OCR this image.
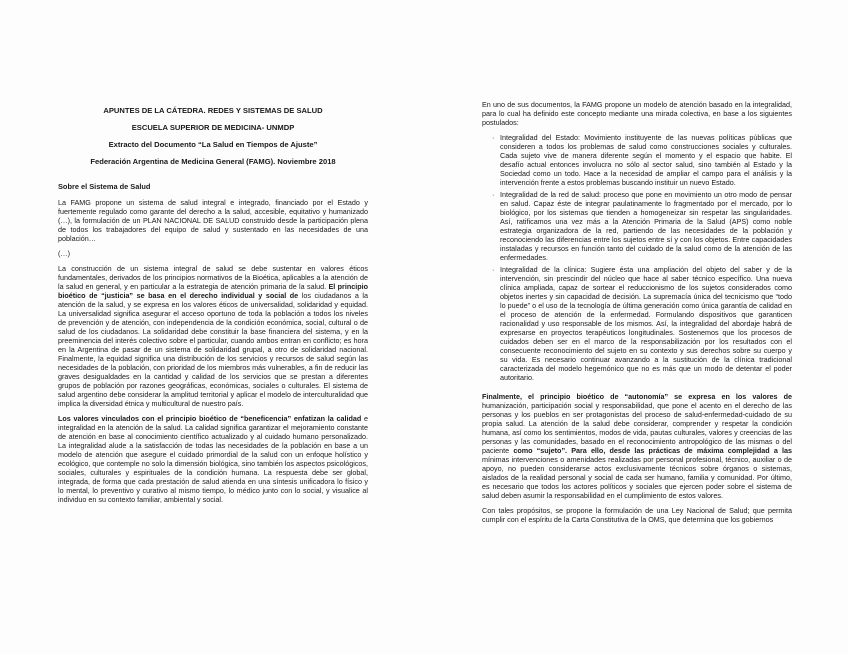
APUNTES DE LA CÁTEDRA. REDES Y SISTEMAS DE SALUD
ESCUELA SUPERIOR DE MEDICINA- UNMDP
Extracto del Documento “La Salud en Tiempos de Ajuste”
Federación Argentina de Medicina General (FAMG). Noviembre 2018
Sobre el Sistema de Salud

La FAMG propone un sistema de salud integral e integrado, financiado por el Estado y fuertemente regulado como garante del derecho a la salud, accesible, equitativo y humanizado (…), la formulación de un PLAN NACIONAL DE SALUD construido desde la participación plena de todos los trabajadores del equipo de salud y sustentado en las necesidades de una población…

(…)

La construcción de un sistema integral de salud se debe sustentar en valores éticos fundamentales, derivados de los principios normativos de la Bioética, aplicables a la atención de la salud en general, y en particular a la estrategia de atención primaria de la salud. El principio bioético de “justicia” se basa en el derecho individual y social de los ciudadanos a la atención de la salud, y se expresa en los valores éticos de universalidad, solidaridad y equidad. La universalidad significa asegurar el acceso oportuno de toda la población a todos los niveles de prevención y de atención, con independencia de la condición económica, social, cultural o de salud de los ciudadanos. La solidaridad debe constituir la base financiera del sistema, y en la preeminencia del interés colectivo sobre el particular, cuando ambos entran en conflicto; es hora en la Argentina de pasar de un sistema de solidaridad grupal, a otro de solidaridad nacional. Finalmente, la equidad significa una distribución de los servicios y recursos de salud según las necesidades de la población, con prioridad de los miembros más vulnerables, a fin de reducir las graves desigualdades en la cantidad y calidad de los servicios que se prestan a diferentes grupos de población por razones geográficas, económicas, sociales o culturales. El sistema de salud argentino debe considerar la amplitud territorial y aplicar el modelo de interculturalidad que implica la diversidad étnica y multicultural de nuestro país.

Los valores vinculados con el principio bioético de “beneficencia” enfatizan la calidad e integralidad en la atención de la salud. La calidad significa garantizar el mejoramiento constante de atención en base al conocimiento científico actualizado y al cuidado humano personalizado. La integralidad alude a la satisfacción de todas las necesidades de la población en base a un modelo de atención que asegure el cuidado primordial de la salud con un enfoque holístico y ecológico, que contemple no solo la dimensión biológica, sino también los aspectos psicológicos, sociales, culturales y espirituales de la condición humana. La respuesta debe ser global, integrada, de forma que cada prestación de salud atienda en una síntesis unificadora lo físico y lo mental, lo preventivo y curativo al mismo tiempo, lo médico junto con lo social, y visualice al individuo en su contexto familiar, ambiental y social.

En uno de sus documentos, la FAMG propone un modelo de atención basado en la integralidad, para lo cual ha definido este concepto mediante una mirada colectiva, en base a los siguientes postulados:

· Integralidad del Estado: Movimiento instituyente de las nuevas políticas públicas que consideren a todos los problemas de salud como construcciones sociales y culturales. Cada sujeto vive de manera diferente según el momento y el espacio que habite. El desafío actual entonces involucra no sólo al sector salud, sino también al Estado y la Sociedad como un todo. Hace a la necesidad de ampliar el campo para el análisis y la intervención frente a estos problemas buscando instituir un nuevo Estado.
· Integralidad de la red de salud: proceso que pone en movimiento un otro modo de pensar en salud. Capaz éste de integrar paulatinamente lo fragmentado por el mercado, por lo biológico, por los sistemas que tienden a homogeneizar sin respetar las singularidades. Así, ratificamos una vez más a la Atención Primaria de la Salud (APS) como noble estrategia organizadora de la red, partiendo de las necesidades de la población y reconociendo las diferencias entre los sujetos entre sí y con los objetos. Entre capacidades instaladas y recursos en función tanto del cuidado de la salud como de la atención de las enfermedades.
· Integralidad de la clínica: Sugiere ésta una ampliación del objeto del saber y de la intervención, sin prescindir del núcleo que hace al saber técnico específico. Una nueva clínica ampliada, capaz de sortear el reduccionismo de los sujetos considerados como objetos inertes y sin capacidad de decisión. La supremacía única del tecnicismo que “todo lo puede” o el uso de la tecnología de última generación como única garantía de calidad en el proceso de atención de la enfermedad. Formulando dispositivos que garanticen racionalidad y uso responsable de los mismos. Así, la integralidad del abordaje habrá de expresarse en proyectos terapéuticos longitudinales. Sostenemos que los procesos de cuidados deben ser en el marco de la responsabilización por los resultados con el consecuente reconocimiento del sujeto en su contexto y sus derechos sobre su cuerpo y su vida. Es necesario continuar avanzando a la sustitución de la clínica tradicional caracterizada del modelo hegemónico que no es más que un modo de detentar el poder autoritario.

Finalmente, el principio bioético de “autonomía” se expresa en los valores de humanización, participación social y responsabilidad, que pone el acento en el derecho de las personas y los pueblos en ser protagonistas del proceso de salud-enfermedad-cuidado de su propia salud. La atención de la salud debe considerar, comprender y respetar la condición humana, así como los sentimientos, modos de vida, pautas culturales, valores y creencias de las personas y las comunidades, basado en el reconocimiento antropológico de las mismas o del paciente como “sujeto”. Para ello, desde las prácticas de máxima complejidad a las mínimas intervenciones o amenidades realizadas por personal profesional, técnico, auxiliar o de apoyo, no pueden considerarse actos exclusivamente técnicos sobre órganos o sistemas, aislados de la realidad personal y social de cada ser humano, familia y comunidad. Por último, es necesario que todos los actores políticos y sociales que ejercen poder sobre el sistema de salud deben asumir la responsabilidad en el cumplimiento de estos valores.

Con tales propósitos, se propone la formulación de una Ley Nacional de Salud; que permita cumplir con el espíritu de la Carta Constitutiva de la OMS, que determina que los gobiernos
